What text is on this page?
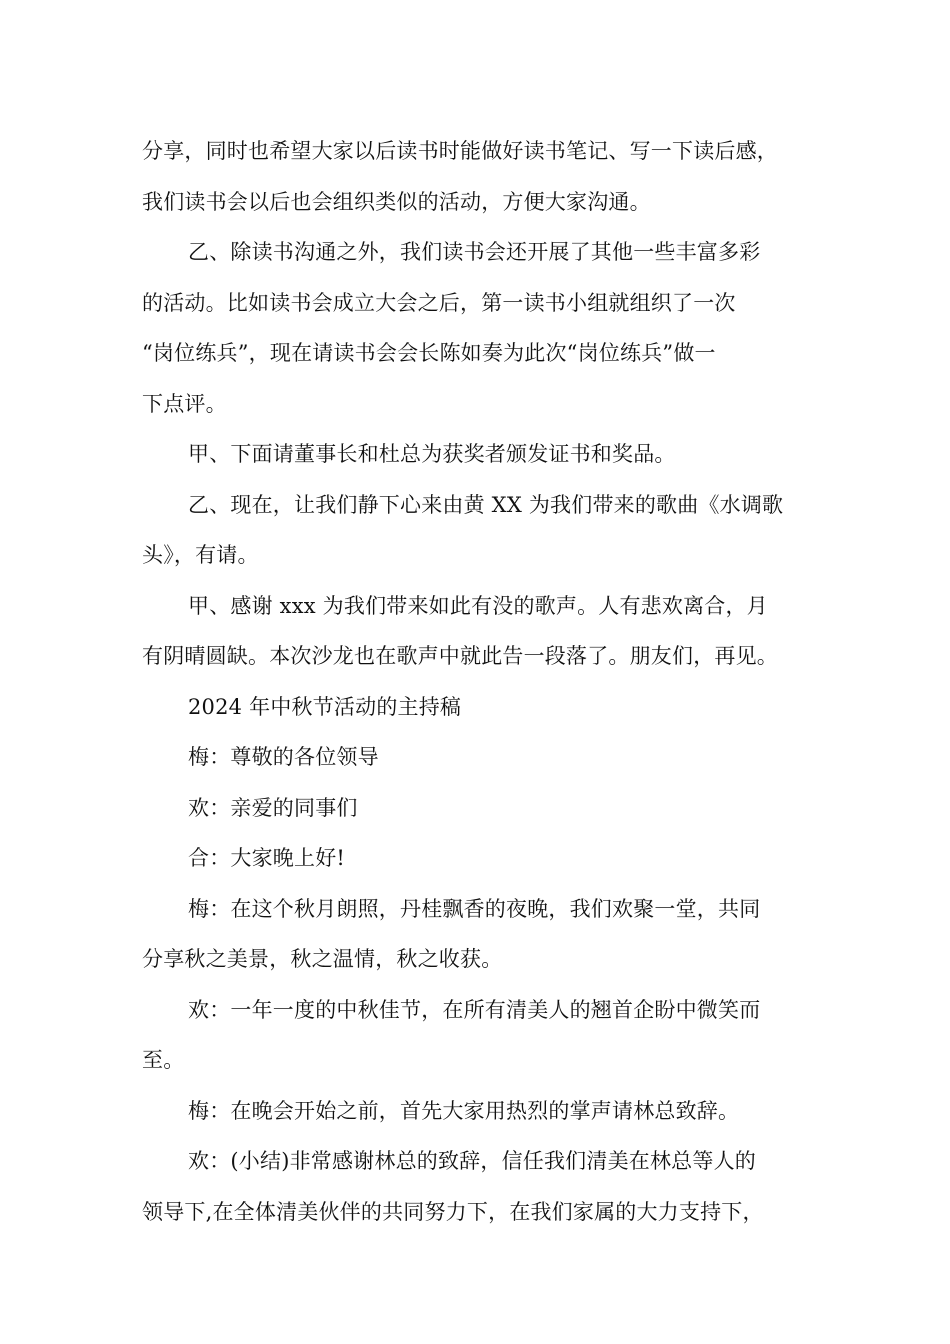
分享，同时也希望大家以后读书时能做好读书笔记、写一下读后感，
我们读书会以后也会组织类似的活动，方便大家沟通。
乙、除读书沟通之外，我们读书会还开展了其他一些丰富多彩
的活动。比如读书会成立大会之后，第一读书小组就组织了一次
“岗位练兵”，现在请读书会会长陈如奏为此次“岗位练兵”做一
下点评。
甲、下面请董事长和杜总为获奖者颁发证书和奖品。
乙、现在，让我们静下心来由黄 XX 为我们带来的歌曲《水调歌
头》，有请。
甲、感谢 xxx 为我们带来如此有没的歌声。人有悲欢离合，月
有阴晴圆缺。本次沙龙也在歌声中就此告一段落了。朋友们，再见。
2024 年中秋节活动的主持稿
梅：尊敬的各位领导
欢：亲爱的同事们
合：大家晚上好!
梅：在这个秋月朗照，丹桂飘香的夜晚，我们欢聚一堂，共同
分享秋之美景，秋之温情，秋之收获。
欢：一年一度的中秋佳节，在所有清美人的翘首企盼中微笑而
至。
梅：在晚会开始之前，首先大家用热烈的掌声请林总致辞。
欢：(小结)非常感谢林总的致辞，信任我们清美在林总等人的
领导下,在全体清美伙伴的共同努力下，在我们家属的大力支持下，
